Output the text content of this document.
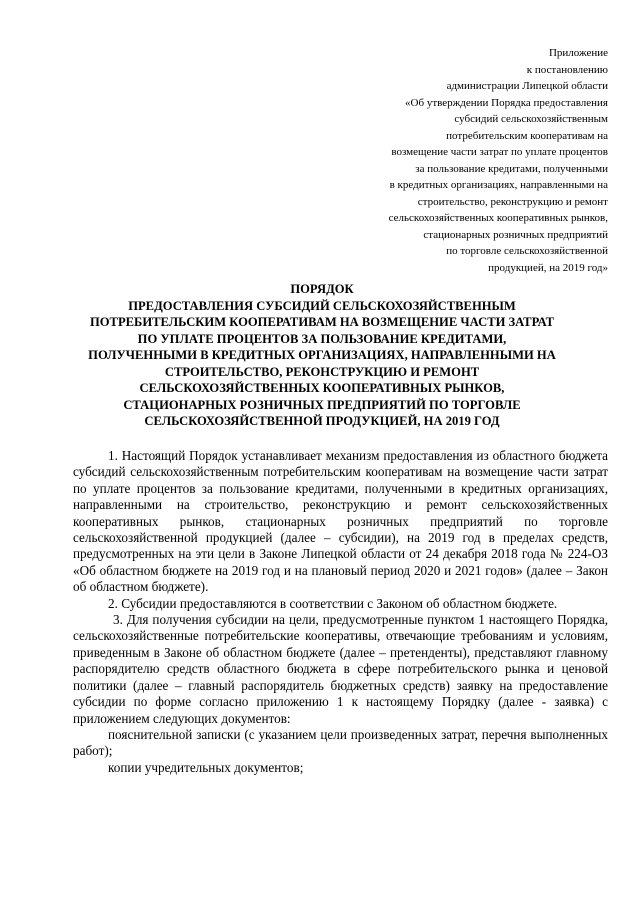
Приложение
к постановлению
администрации Липецкой области
«Об утверждении Порядка предоставления
субсидий сельскохозяйственным
потребительским кооперативам на
возмещение части затрат по уплате процентов
за пользование кредитами, полученными
в кредитных организациях, направленными на
строительство, реконструкцию и ремонт
сельскохозяйственных кооперативных рынков,
стационарных розничных предприятий
по торговле сельскохозяйственной
продукцией, на 2019 год»
ПОРЯДОК
ПРЕДОСТАВЛЕНИЯ СУБСИДИЙ СЕЛЬСКОХОЗЯЙСТВЕННЫМ
ПОТРЕБИТЕЛЬСКИМ КООПЕРАТИВАМ НА ВОЗМЕЩЕНИЕ ЧАСТИ ЗАТРАТ
ПО УПЛАТЕ ПРОЦЕНТОВ ЗА ПОЛЬЗОВАНИЕ КРЕДИТАМИ,
ПОЛУЧЕННЫМИ В КРЕДИТНЫХ ОРГАНИЗАЦИЯХ, НАПРАВЛЕННЫМИ НА
СТРОИТЕЛЬСТВО, РЕКОНСТРУКЦИЮ И РЕМОНТ
СЕЛЬСКОХОЗЯЙСТВЕННЫХ КООПЕРАТИВНЫХ РЫНКОВ,
СТАЦИОНАРНЫХ РОЗНИЧНЫХ ПРЕДПРИЯТИЙ ПО ТОРГОВЛЕ
СЕЛЬСКОХОЗЯЙСТВЕННОЙ ПРОДУКЦИЕЙ, НА 2019 ГОД

1. Настоящий Порядок устанавливает механизм предоставления из областного бюджета субсидий сельскохозяйственным потребительским кооперативам на возмещение части затрат по уплате процентов за пользование кредитами, полученными в кредитных организациях, направленными на строительство, реконструкцию и ремонт сельскохозяйственных кооперативных рынков, стационарных розничных предприятий по торговле сельскохозяйственной продукцией (далее – субсидии), на 2019 год в пределах средств, предусмотренных на эти цели в Законе Липецкой области от 24 декабря 2018 года № 224-ОЗ «Об областном бюджете на 2019 год и на плановый период 2020 и 2021 годов» (далее – Закон об областном бюджете).

2. Субсидии предоставляются в соответствии с Законом об областном бюджете.

3. Для получения субсидии на цели, предусмотренные пунктом 1 настоящего Порядка, сельскохозяйственные потребительские кооперативы, отвечающие требованиям и условиям, приведенным в Законе об областном бюджете (далее – претенденты), представляют главному распорядителю средств областного бюджета в сфере потребительского рынка и ценовой политики (далее – главный распорядитель бюджетных средств) заявку на предоставление субсидии по форме согласно приложению 1 к настоящему Порядку (далее - заявка) с приложением следующих документов:

пояснительной записки (с указанием цели произведенных затрат, перечня выполненных работ);

копии учредительных документов;
